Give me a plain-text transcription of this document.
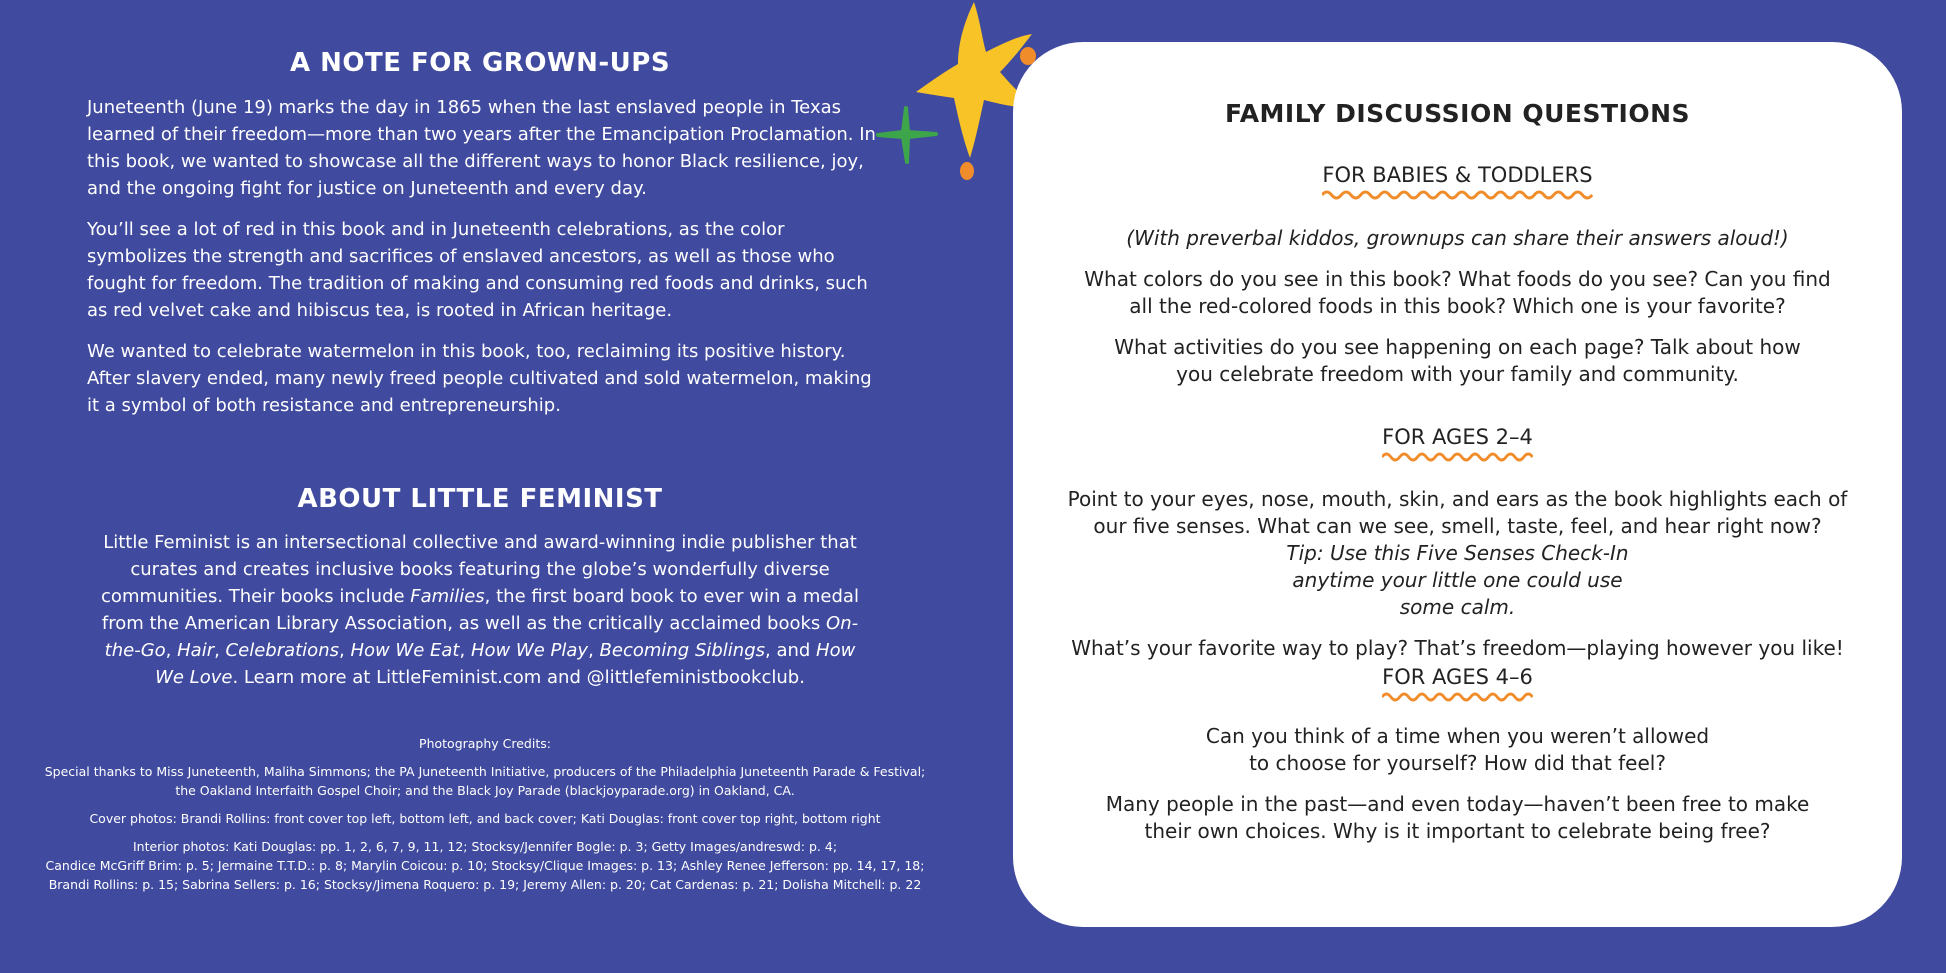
A NOTE FOR GROWN-UPS

Juneteenth (June 19) marks the day in 1865 when the last enslaved people in Texas learned of their freedom—more than two years after the Emancipation Proclamation. In this book, we wanted to showcase all the different ways to honor Black resilience, joy, and the ongoing fight for justice on Juneteenth and every day.

You’ll see a lot of red in this book and in Juneteenth celebrations, as the color symbolizes the strength and sacrifices of enslaved ancestors, as well as those who fought for freedom. The tradition of making and consuming red foods and drinks, such as red velvet cake and hibiscus tea, is rooted in African heritage.

We wanted to celebrate watermelon in this book, too, reclaiming its positive history. After slavery ended, many newly freed people cultivated and sold watermelon, making it a symbol of both resistance and entrepreneurship.

ABOUT LITTLE FEMINIST

Little Feminist is an intersectional collective and award-winning indie publisher that curates and creates inclusive books featuring the globe’s wonderfully diverse communities. Their books include Families, the first board book to ever win a medal from the American Library Association, as well as the critically acclaimed books On-the-Go, Hair, Celebrations, How We Eat, How We Play, Becoming Siblings, and How We Love. Learn more at LittleFeminist.com and @littlefeministbookclub.

Photography Credits:

Special thanks to Miss Juneteenth, Maliha Simmons; the PA Juneteenth Initiative, producers of the Philadelphia Juneteenth Parade & Festival; the Oakland Interfaith Gospel Choir; and the Black Joy Parade (blackjoyparade.org) in Oakland, CA.

Cover photos: Brandi Rollins: front cover top left, bottom left, and back cover; Kati Douglas: front cover top right, bottom right

Interior photos: Kati Douglas: pp. 1, 2, 6, 7, 9, 11, 12; Stocksy/Jennifer Bogle: p. 3; Getty Images/andreswd: p. 4;
Candice McGriff Brim: p. 5; Jermaine T.T.D.: p. 8; Marylin Coicou: p. 10; Stocksy/Clique Images: p. 13; Ashley Renee Jefferson: pp. 14, 17, 18;
Brandi Rollins: p. 15; Sabrina Sellers: p. 16; Stocksy/Jimena Roquero: p. 19; Jeremy Allen: p. 20; Cat Cardenas: p. 21; Dolisha Mitchell: p. 22

FAMILY DISCUSSION QUESTIONS
FOR BABIES & TODDLERS

(With preverbal kiddos, grownups can share their answers aloud!)

What colors do you see in this book? What foods do you see? Can you find all the red-colored foods in this book? Which one is your favorite?

What activities do you see happening on each page? Talk about how you celebrate freedom with your family and community.

FOR AGES 2–4

Point to your eyes, nose, mouth, skin, and ears as the book highlights each of our five senses. What can we see, smell, taste, feel, and hear right now?

Tip: Use this Five Senses Check-In anytime your little one could use some calm.

What’s your favorite way to play? That’s freedom—playing however you like!

FOR AGES 4–6

Can you think of a time when you weren’t allowed to choose for yourself? How did that feel?

Many people in the past—and even today—haven’t been free to make their own choices. Why is it important to celebrate being free?
